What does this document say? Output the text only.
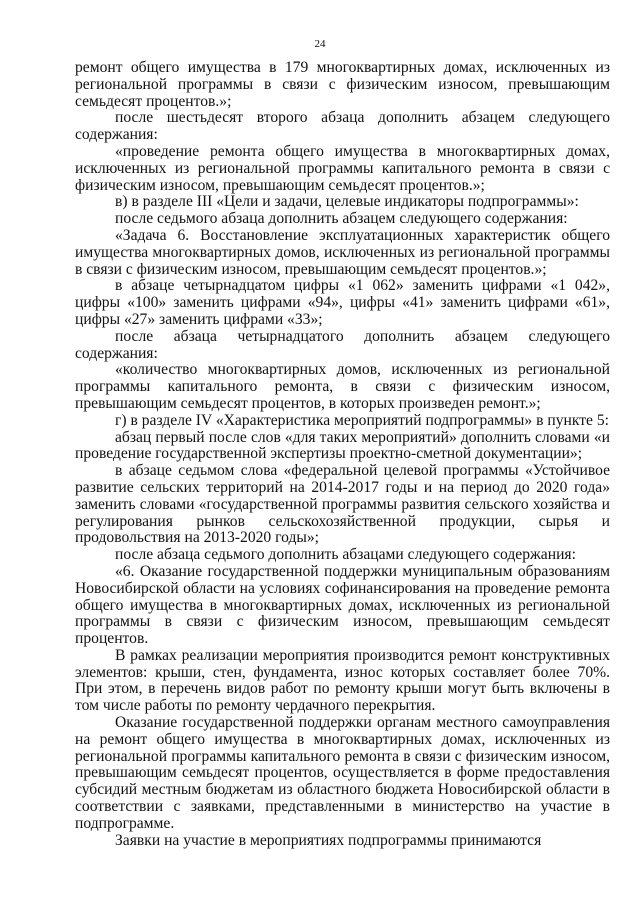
24

ремонт общего имущества в 179 многоквартирных домах, исключенных из региональной программы в связи с физическим износом, превышающим семьдесят процентов.»;

после шестьдесят второго абзаца дополнить абзацем следующего содержания:

«проведение ремонта общего имущества в многоквартирных домах, исключенных из региональной программы капитального ремонта в связи с физическим износом, превышающим семьдесят процентов.»;

в) в разделе III «Цели и задачи, целевые индикаторы подпрограммы»:

после седьмого абзаца дополнить абзацем следующего содержания:

«Задача 6. Восстановление эксплуатационных характеристик общего имущества многоквартирных домов, исключенных из региональной программы в связи с физическим износом, превышающим семьдесят процентов.»;

в абзаце четырнадцатом цифры «1 062» заменить цифрами «1 042», цифры «100» заменить цифрами «94», цифры «41» заменить цифрами «61», цифры «27» заменить цифрами «33»;

после абзаца четырнадцатого дополнить абзацем следующего содержания:

«количество многоквартирных домов, исключенных из региональной программы капитального ремонта, в связи с физическим износом, превышающим семьдесят процентов, в которых произведен ремонт.»;

г) в разделе IV «Характеристика мероприятий подпрограммы» в пункте 5:

абзац первый после слов «для таких мероприятий» дополнить словами «и проведение государственной экспертизы проектно-сметной документации»;

в абзаце седьмом слова «федеральной целевой программы «Устойчивое развитие сельских территорий на 2014-2017 годы и на период до 2020 года» заменить словами «государственной программы развития сельского хозяйства и регулирования рынков сельскохозяйственной продукции, сырья и продовольствия на 2013-2020 годы»;

после абзаца седьмого дополнить абзацами следующего содержания:

«6. Оказание государственной поддержки муниципальным образованиям Новосибирской области на условиях софинансирования на проведение ремонта общего имущества в многоквартирных домах, исключенных из региональной программы в связи с физическим износом, превышающим семьдесят процентов.

В рамках реализации мероприятия производится ремонт конструктивных элементов: крыши, стен, фундамента, износ которых составляет более 70%. При этом, в перечень видов работ по ремонту крыши могут быть включены в том числе работы по ремонту чердачного перекрытия.

Оказание государственной поддержки органам местного самоуправления на ремонт общего имущества в многоквартирных домах, исключенных из региональной программы капитального ремонта в связи с физическим износом, превышающим семьдесят процентов, осуществляется в форме предоставления субсидий местным бюджетам из областного бюджета Новосибирской области в соответствии с заявками, представленными в министерство на участие в подпрограмме.

Заявки на участие в мероприятиях подпрограммы принимаются
